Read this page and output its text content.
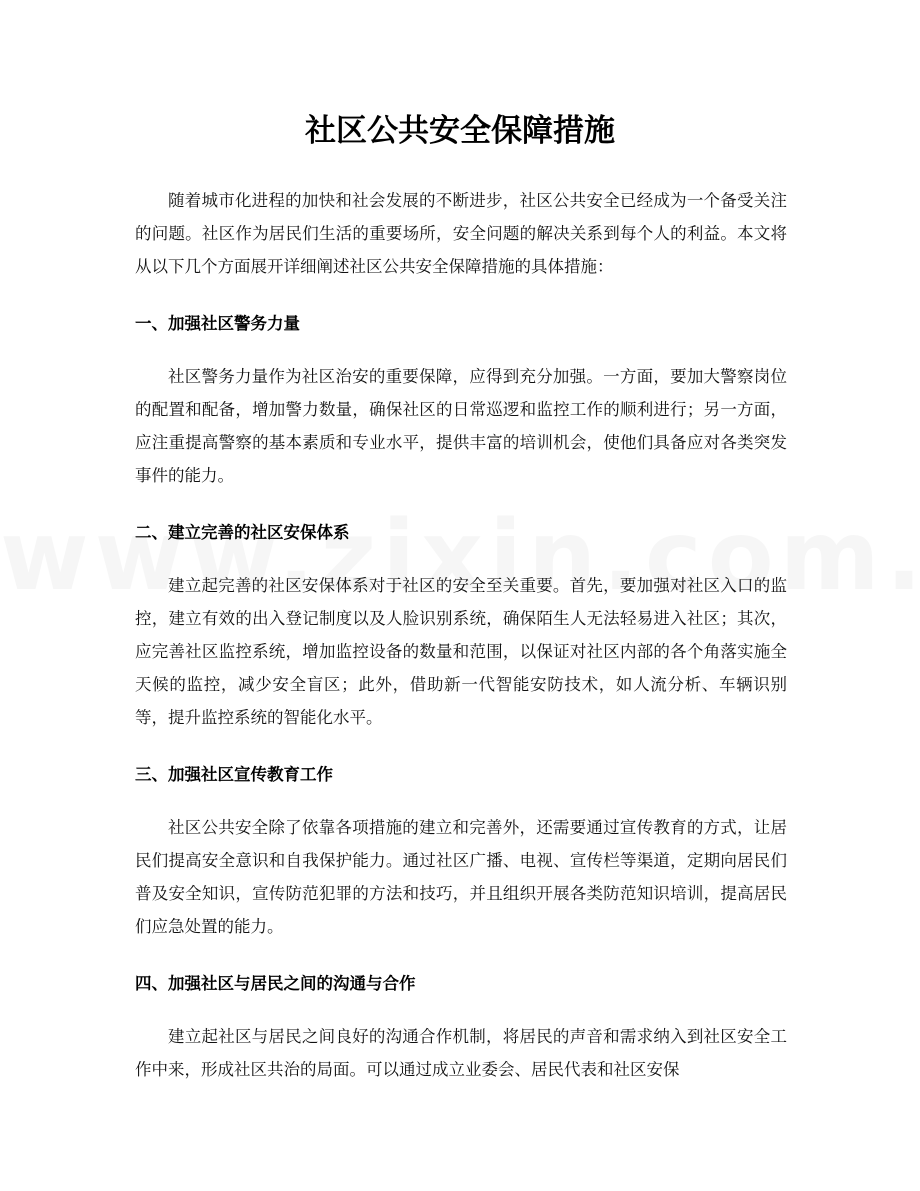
社区公共安全保障措施

随着城市化进程的加快和社会发展的不断进步，社区公共安全已经成为一个备受关注的问题。社区作为居民们生活的重要场所，安全问题的解决关系到每个人的利益。本文将从以下几个方面展开详细阐述社区公共安全保障措施的具体措施：

一、加强社区警务力量

社区警务力量作为社区治安的重要保障，应得到充分加强。一方面，要加大警察岗位的配置和配备，增加警力数量，确保社区的日常巡逻和监控工作的顺利进行；另一方面，应注重提高警察的基本素质和专业水平，提供丰富的培训机会，使他们具备应对各类突发事件的能力。

二、建立完善的社区安保体系

建立起完善的社区安保体系对于社区的安全至关重要。首先，要加强对社区入口的监控，建立有效的出入登记制度以及人脸识别系统，确保陌生人无法轻易进入社区；其次，应完善社区监控系统，增加监控设备的数量和范围，以保证对社区内部的各个角落实施全天候的监控，减少安全盲区；此外，借助新一代智能安防技术，如人流分析、车辆识别等，提升监控系统的智能化水平。

三、加强社区宣传教育工作

社区公共安全除了依靠各项措施的建立和完善外，还需要通过宣传教育的方式，让居民们提高安全意识和自我保护能力。通过社区广播、电视、宣传栏等渠道，定期向居民们普及安全知识，宣传防范犯罪的方法和技巧，并且组织开展各类防范知识培训，提高居民们应急处置的能力。

四、加强社区与居民之间的沟通与合作

建立起社区与居民之间良好的沟通合作机制，将居民的声音和需求纳入到社区安全工作中来，形成社区共治的局面。可以通过成立业委会、居民代表和社区安保
